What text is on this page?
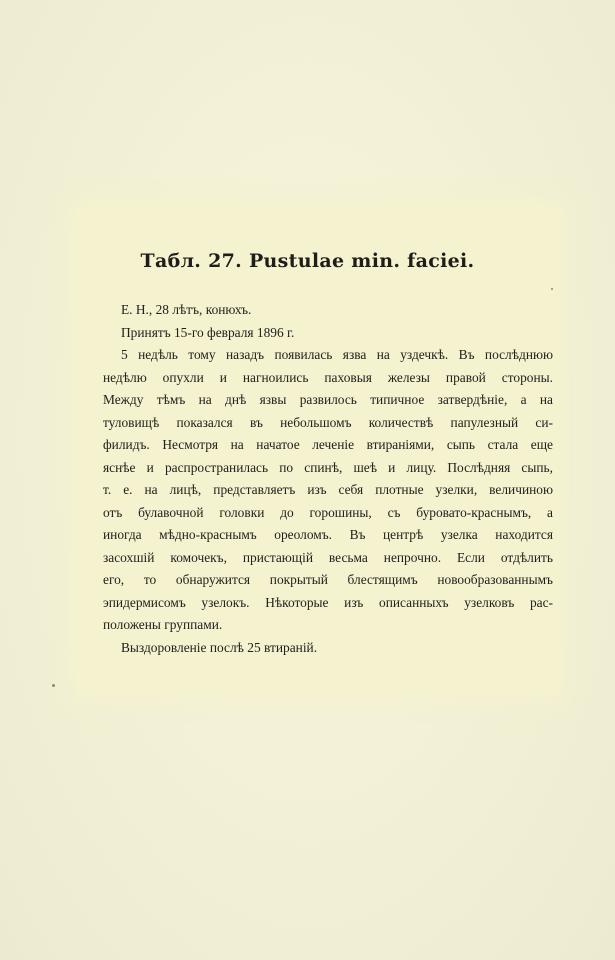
Табл. 27. Pustulae min. faciei.
Е. Н., 28 лѣтъ, конюхъ.
Принятъ 15-го февраля 1896 г.
5 недѣль тому назадъ появилась язва на уздечкѣ. Въ послѣднюю
недѣлю опухли и нагноились паховыя железы правой стороны.
Между тѣмъ на днѣ язвы развилось типичное затвердѣніе, а на
туловищѣ показался въ небольшомъ количествѣ папулезный си-
филидъ. Несмотря на начатое леченіе втираніями, сыпь стала еще
яснѣе и распространилась по спинѣ, шеѣ и лицу. Послѣдняя сыпь,
т. е. на лицѣ, представляетъ изъ себя плотные узелки, величиною
отъ булавочной головки до горошины, съ буровато-краснымъ, а
иногда мѣдно-краснымъ ореоломъ. Въ центрѣ узелка находится
засохшій комочекъ, пристающій весьма непрочно. Если отдѣлить
его, то обнаружится покрытый блестящимъ новообразованнымъ
эпидермисомъ узелокъ. Нѣкоторые изъ описанныхъ узелковъ рас-
положены группами.
Выздоровленіе послѣ 25 втираній.
